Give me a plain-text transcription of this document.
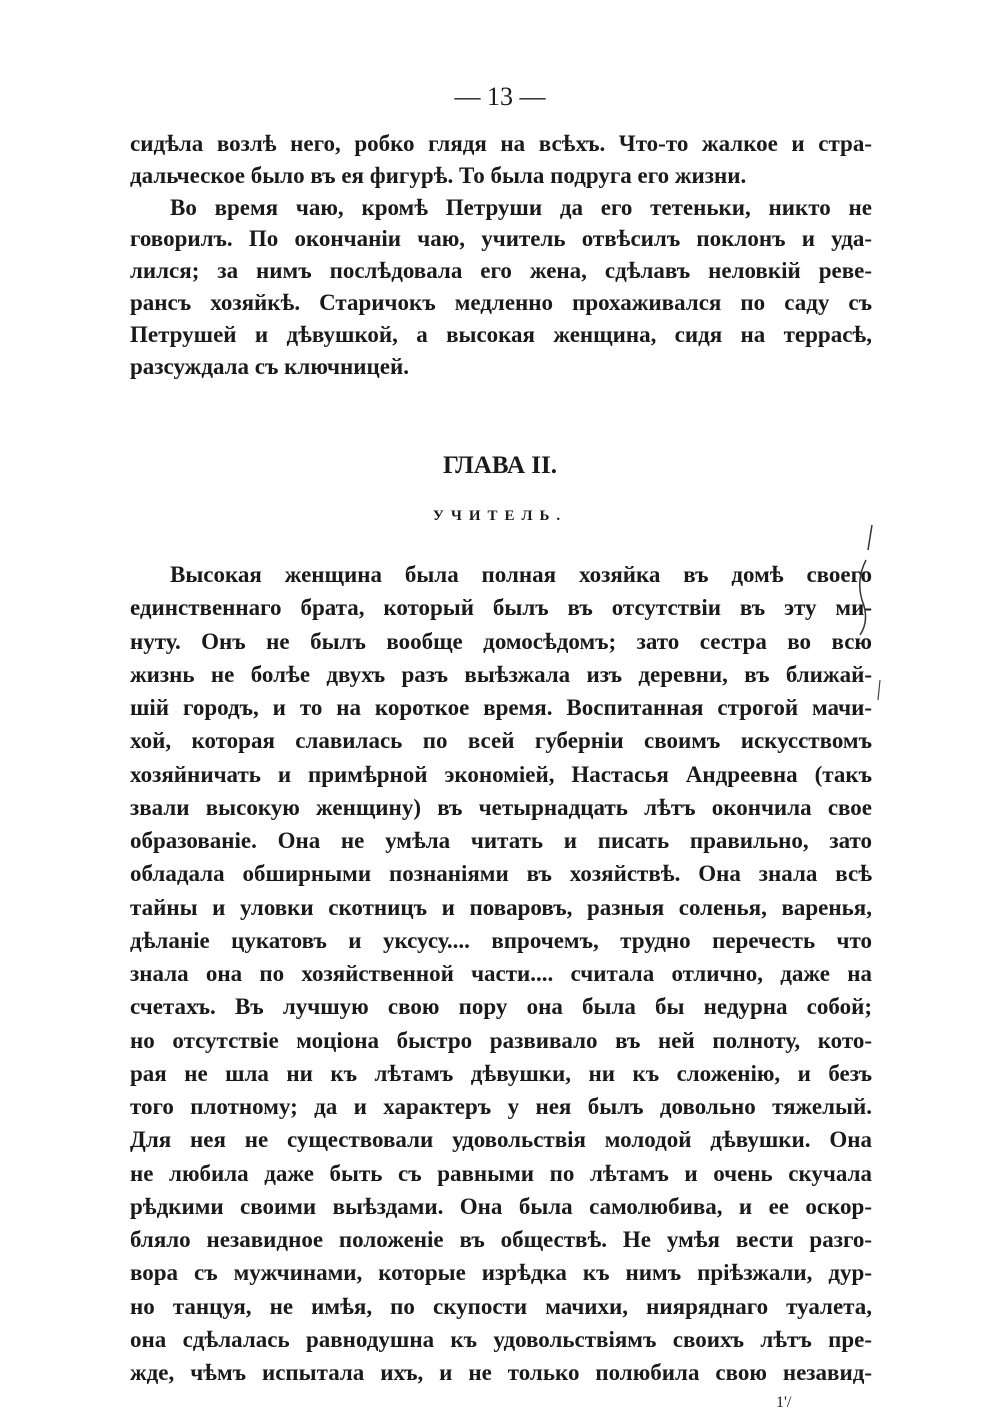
— 13 —
сидѣла возлѣ него, робко глядя на всѣхъ. Что-то жалкое и стра-
дальческое было въ ея фигурѣ. То была подруга его жизни.
Во время чаю, кромѣ Петруши да его тетеньки, никто не
говорилъ. По окончаніи чаю, учитель отвѣсилъ поклонъ и уда-
лился; за нимъ послѣдовала его жена, сдѣлавъ неловкій реве-
рансъ хозяйкѣ. Старичокъ медленно прохаживался по саду съ
Петрушей и дѣвушкой, а высокая женщина, сидя на террасѣ,
разсуждала съ ключницей.
ГЛАВА II.
УЧИТЕЛЬ.
Высокая женщина была полная хозяйка въ домѣ своего
единственнаго брата, который былъ въ отсутствіи въ эту ми-
нуту. Онъ не былъ вообще домосѣдомъ; зато сестра во всю
жизнь не болѣе двухъ разъ выѣзжала изъ деревни, въ ближай-
шій городъ, и то на короткое время. Воспитанная строгой мачи-
хой, которая славилась по всей губерніи своимъ искусствомъ
хозяйничать и примѣрной экономіей, Настасья Андреевна (такъ
звали высокую женщину) въ четырнадцать лѣтъ окончила свое
образованіе. Она не умѣла читать и писать правильно, зато
обладала обширными познаніями въ хозяйствѣ. Она знала всѣ
тайны и уловки скотницъ и поваровъ, разныя соленья, варенья,
дѣланіе цукатовъ и уксусу.... впрочемъ, трудно перечесть что
знала она по хозяйственной части.... считала отлично, даже на
счетахъ. Въ лучшую свою пору она была бы недурна собой;
но отсутствіе моціона быстро развивало въ ней полноту, кото-
рая не шла ни къ лѣтамъ дѣвушки, ни къ сложенію, и безъ
того плотному; да и характеръ у нея былъ довольно тяжелый.
Для нея не существовали удовольствія молодой дѣвушки. Она
не любила даже быть съ равными по лѣтамъ и очень скучала
рѣдкими своими выѣздами. Она была самолюбива, и ее оскор-
бляло незавидное положеніе въ обществѣ. Не умѣя вести разго-
вора съ мужчинами, которые изрѣдка къ нимъ пріѣзжали, дур-
но танцуя, не имѣя, по скупости мачихи, нияряднаго туалета,
она сдѣлалась равнодушна къ удовольствіямъ своихъ лѣтъ пре-
жде, чѣмъ испытала ихъ, и не только полюбила свою незавид-
1'/
